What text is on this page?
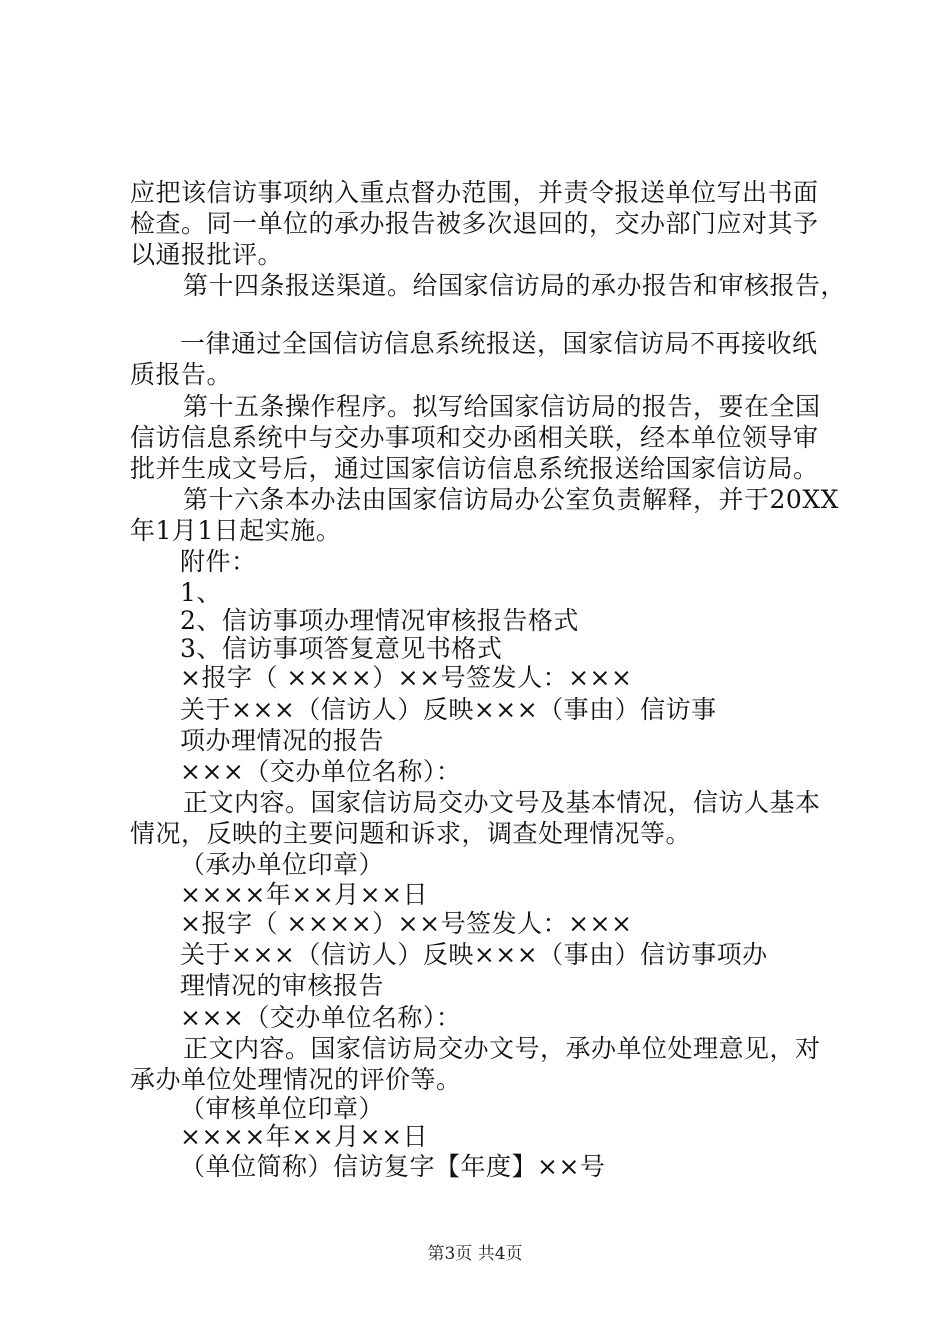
应把该信访事项纳入重点督办范围，并责令报送单位写出书面
检查。同一单位的承办报告被多次退回的，交办部门应对其予
以通报批评。
第十四条报送渠道。给国家信访局的承办报告和审核报告，
一律通过全国信访信息系统报送，国家信访局不再接收纸
质报告。
第十五条操作程序。拟写给国家信访局的报告，要在全国
信访信息系统中与交办事项和交办函相关联，经本单位领导审
批并生成文号后，通过国家信访信息系统报送给国家信访局。
第十六条本办法由国家信访局办公室负责解释，并于20XX
年1月1日起实施。
附件：
1、
2、信访事项办理情况审核报告格式
3、信访事项答复意见书格式
×报字（ ××××）××号签发人：×××
关于×××（信访人）反映×××（事由）信访事
项办理情况的报告
×××（交办单位名称）：
正文内容。国家信访局交办文号及基本情况，信访人基本
情况，反映的主要问题和诉求，调查处理情况等。
（承办单位印章）
××××年××月××日
×报字（ ××××）××号签发人：×××
关于×××（信访人）反映×××（事由）信访事项办
理情况的审核报告
×××（交办单位名称）：
正文内容。国家信访局交办文号，承办单位处理意见，对
承办单位处理情况的评价等。
（审核单位印章）
××××年××月××日
（单位简称）信访复字【年度】××号
第3页 共4页
